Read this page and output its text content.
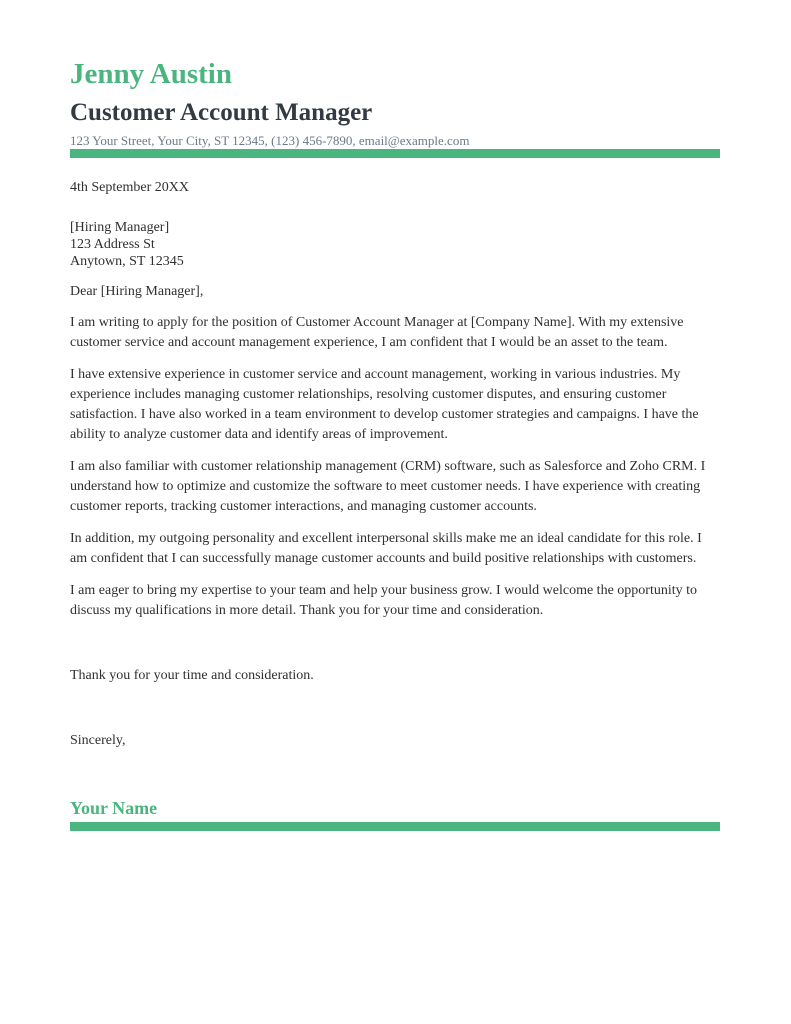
Jenny Austin
Customer Account Manager
123 Your Street, Your City, ST 12345, (123) 456-7890, email@example.com
4th September 20XX
[Hiring Manager]
123 Address St
Anytown, ST 12345
Dear [Hiring Manager],

I am writing to apply for the position of Customer Account Manager at [Company Name]. With my extensive customer service and account management experience, I am confident that I would be an asset to the team.

I have extensive experience in customer service and account management, working in various industries. My experience includes managing customer relationships, resolving customer disputes, and ensuring customer satisfaction. I have also worked in a team environment to develop customer strategies and campaigns. I have the ability to analyze customer data and identify areas of improvement.

I am also familiar with customer relationship management (CRM) software, such as Salesforce and Zoho CRM. I understand how to optimize and customize the software to meet customer needs. I have experience with creating customer reports, tracking customer interactions, and managing customer accounts.

In addition, my outgoing personality and excellent interpersonal skills make me an ideal candidate for this role. I am confident that I can successfully manage customer accounts and build positive relationships with customers.

I am eager to bring my expertise to your team and help your business grow. I would welcome the opportunity to discuss my qualifications in more detail. Thank you for your time and consideration.

Thank you for your time and consideration.
Sincerely,
Your Name
